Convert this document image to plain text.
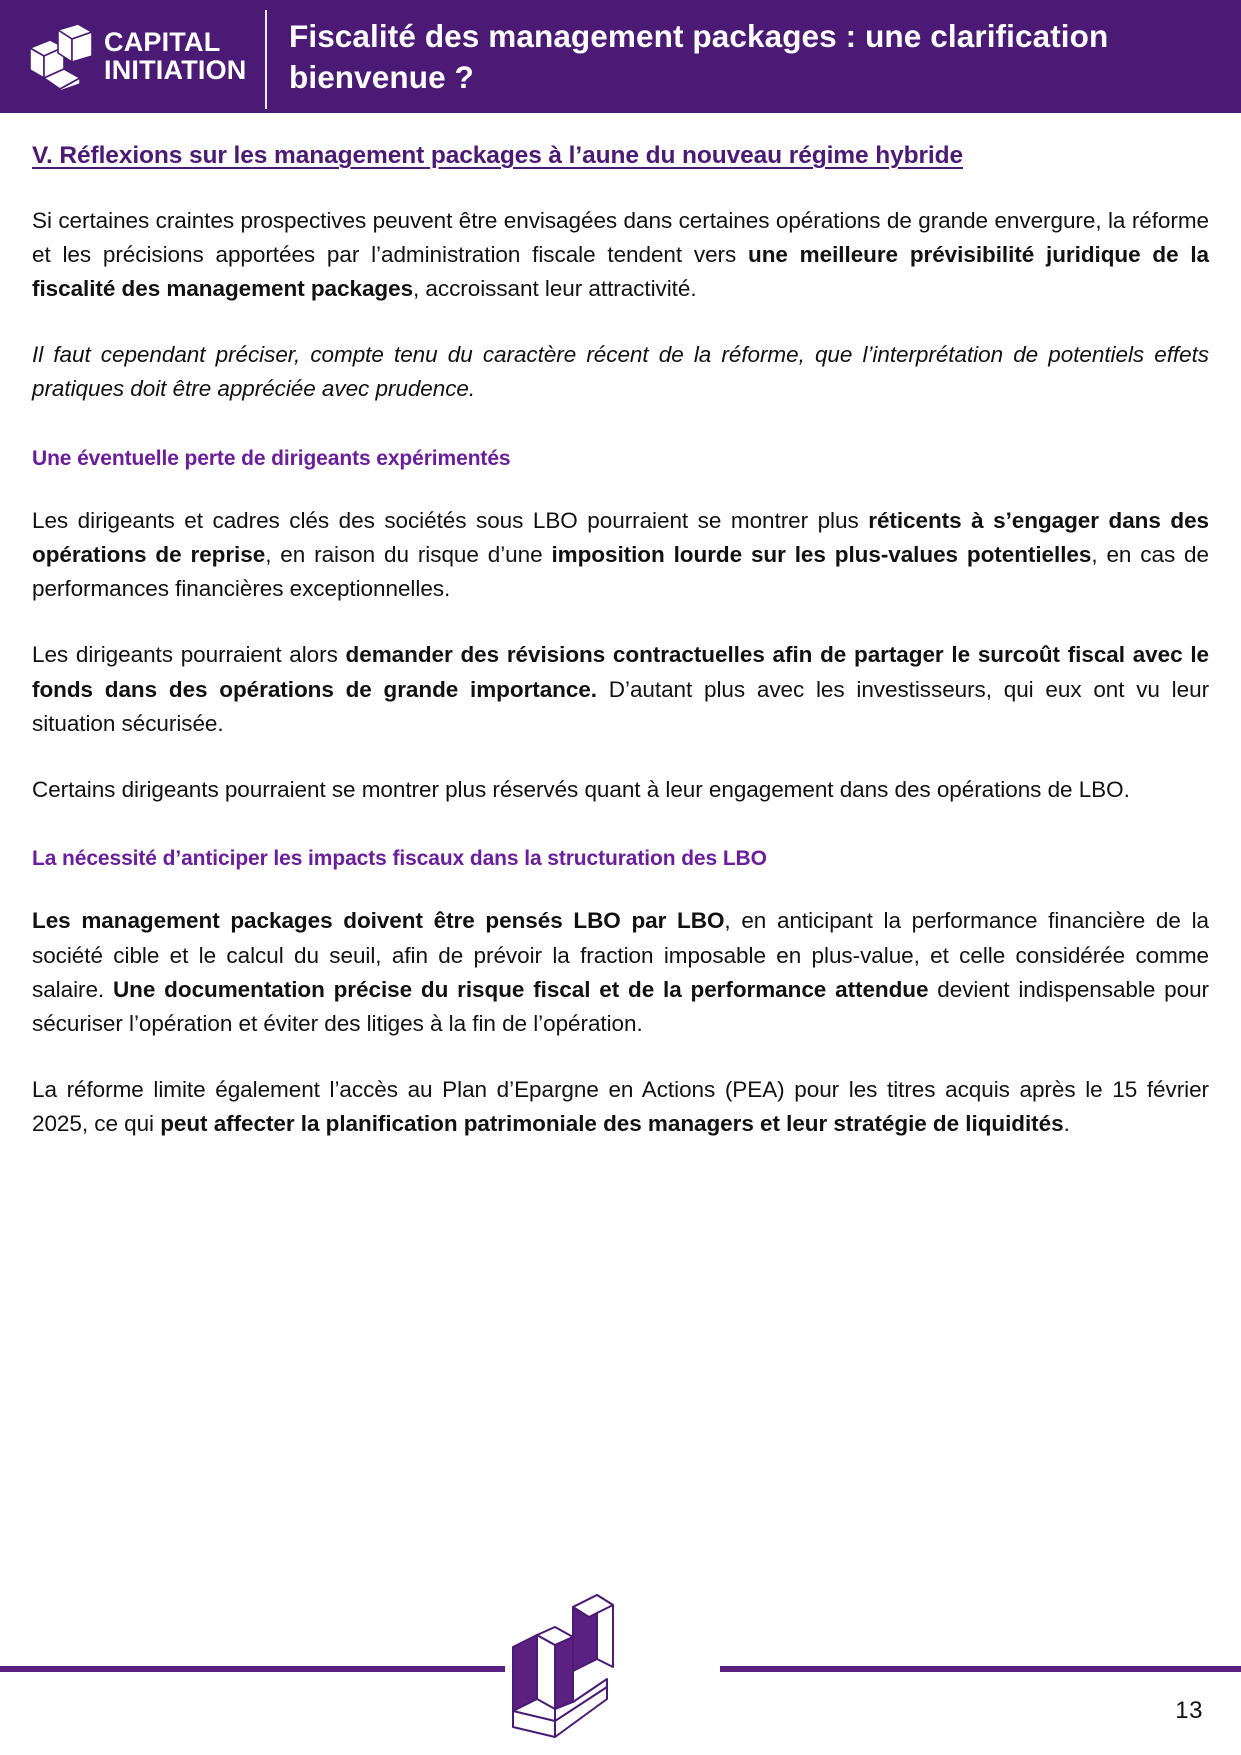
CAPITAL
INITIATION
Fiscalité des management packages : une clarification bienvenue ?
V. Réflexions sur les management packages à l’aune du nouveau régime hybride

Si certaines craintes prospectives peuvent être envisagées dans certaines opérations de grande envergure, la réforme et les précisions apportées par l’administration fiscale tendent vers une meilleure prévisibilité juridique de la fiscalité des management packages, accroissant leur attractivité.

Il faut cependant préciser, compte tenu du caractère récent de la réforme, que l’interprétation de potentiels effets pratiques doit être appréciée avec prudence.

Une éventuelle perte de dirigeants expérimentés

Les dirigeants et cadres clés des sociétés sous LBO pourraient se montrer plus réticents à s’engager dans des opérations de reprise, en raison du risque d’une imposition lourde sur les plus-values potentielles, en cas de performances financières exceptionnelles.

Les dirigeants pourraient alors demander des révisions contractuelles afin de partager le surcoût fiscal avec le fonds dans des opérations de grande importance. D’autant plus avec les investisseurs, qui eux ont vu leur situation sécurisée.

Certains dirigeants pourraient se montrer plus réservés quant à leur engagement dans des opérations de LBO.

La nécessité d’anticiper les impacts fiscaux dans la structuration des LBO

Les management packages doivent être pensés LBO par LBO, en anticipant la performance financière de la société cible et le calcul du seuil, afin de prévoir la fraction imposable en plus-value, et celle considérée comme salaire. Une documentation précise du risque fiscal et de la performance attendue devient indispensable pour sécuriser l’opération et éviter des litiges à la fin de l’opération.

La réforme limite également l’accès au Plan d’Epargne en Actions (PEA) pour les titres acquis après le 15 février 2025, ce qui peut affecter la planification patrimoniale des managers et leur stratégie de liquidités.

13
